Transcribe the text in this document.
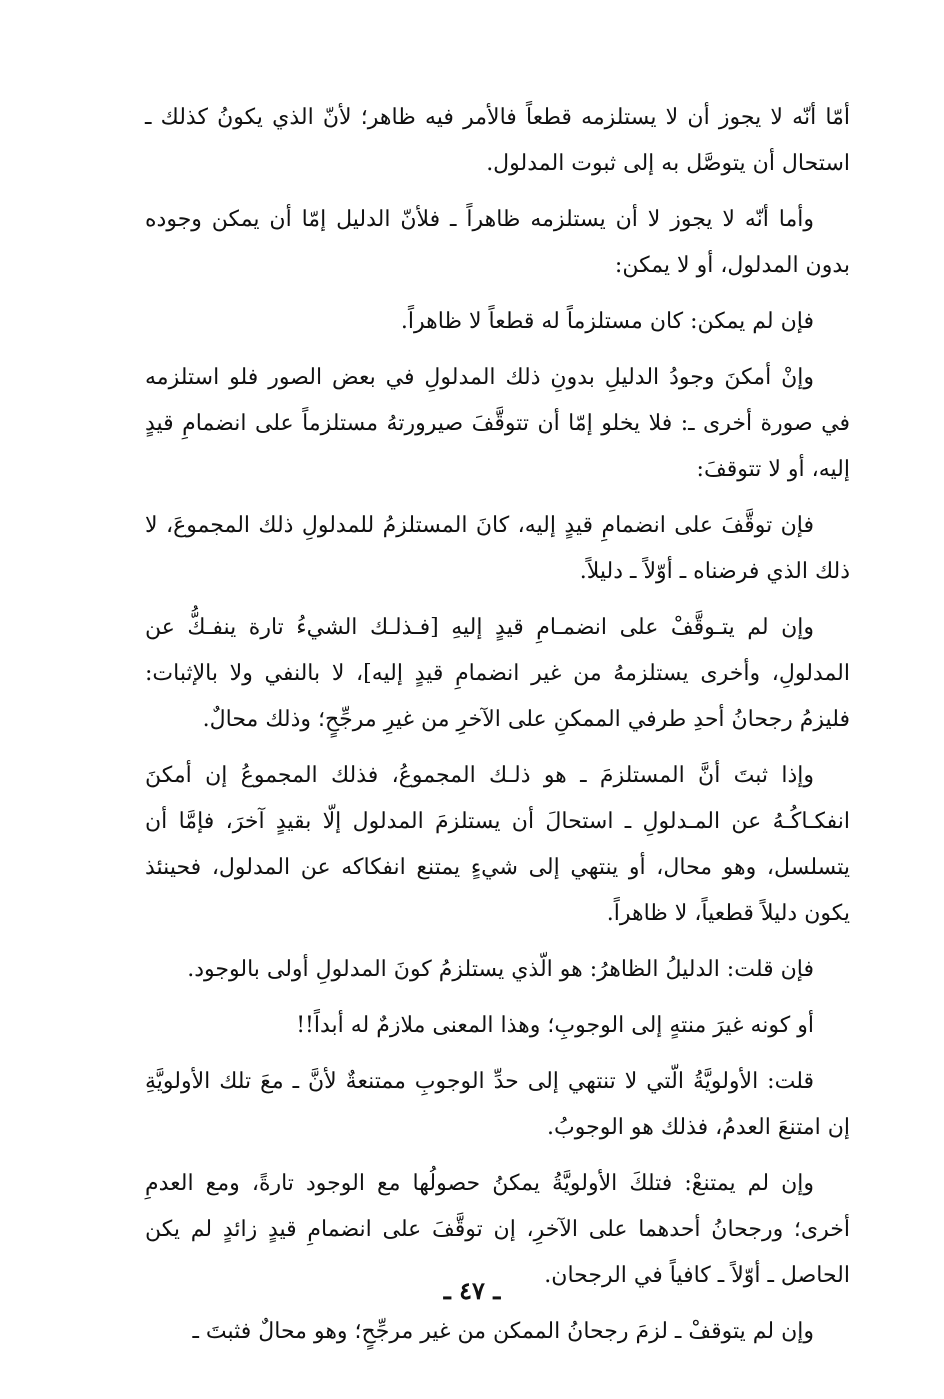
أمّا أنّه لا يجوز أن لا يستلزمه قطعاً فالأمر فيه ظاهر؛ لأنّ الذي يكونُ كذلك ـ استحال أن يتوصَّل به إلى ثبوت المدلول.

وأما أنّه لا يجوز لا أن يستلزمه ظاهراً ـ فلأنّ الدليل إمّا أن يمكن وجوده بدون المدلول، أو لا يمكن:

فإن لم يمكن: كان مستلزماً له قطعاً لا ظاهراً.

وإنْ أمكنَ وجودُ الدليلِ بدونِ ذلك المدلولِ في بعض الصور فلو استلزمه في صورة أخرى ـ: فلا يخلو إمّا أن تتوقَّفَ صيرورتهُ مستلزماً على انضمامِ قيدٍ إليه، أو لا تتوقفَ:

فإن توقَّفَ على انضمامِ قيدٍ إليه، كانَ المستلزمُ للمدلولِ ذلك المجموعَ، لا ذلك الذي فرضناه ـ أوّلاً ـ دليلاً.

وإن لم يتـوقَّفْ على انضمـامِ قيدٍ إليهِ [فـذلـك الشيءُ تارة ينفـكُّ عن المدلولِ، وأخرى يستلزمهُ من غير انضمامِ قيدٍ إليه]، لا بالنفي ولا بالإثبات: فليزمُ رجحانُ أحدِ طرفي الممكنِ على الآخرِ من غيرِ مرجِّحٍ؛ وذلك محالٌ.

وإذا ثبتَ أنَّ المستلزمَ ـ هو ذلـك المجموعُ، فذلك المجموعُ إن أمكنَ انفكـاكُـهُ عن المـدلولِ ـ استحالَ أن يستلزمَ المدلول إلّا بقيدٍ آخرَ، فإمَّا أن يتسلسل، وهو محال، أو ينتهي إلى شيءٍ يمتنع انفكاكه عن المدلول، فحينئذ يكون دليلاً قطعياً، لا ظاهراً.

فإن قلت: الدليلُ الظاهرُ: هو الّذي يستلزمُ كونَ المدلولِ أولى بالوجود.

أو كونه غيرَ منتهٍ إلى الوجوبِ؛ وهذا المعنى ملازمٌ له أبداً!!

قلت: الأولويَّةُ الّتي لا تنتهي إلى حدِّ الوجوبِ ممتنعةٌ لأنَّ ـ معَ تلك الأولويَّةِ إن امتنعَ العدمُ، فذلك هو الوجوبُ.

وإن لم يمتنعْ: فتلكَ الأولويَّةُ يمكنُ حصولُها مع الوجود تارةً، ومع العدمِ أخرى؛ ورجحانُ أحدهما على الآخرِ، إن توقَّفَ على انضمامِ قيدٍ زائدٍ لم يكن الحاصل ـ أوّلاً ـ كافياً في الرجحان.

وإن لم يتوقفْ ـ لزمَ رجحانُ الممكن من غير مرجِّحٍ؛ وهو محالٌ فثبتَ ـ

ـ ٤٧ ـ
